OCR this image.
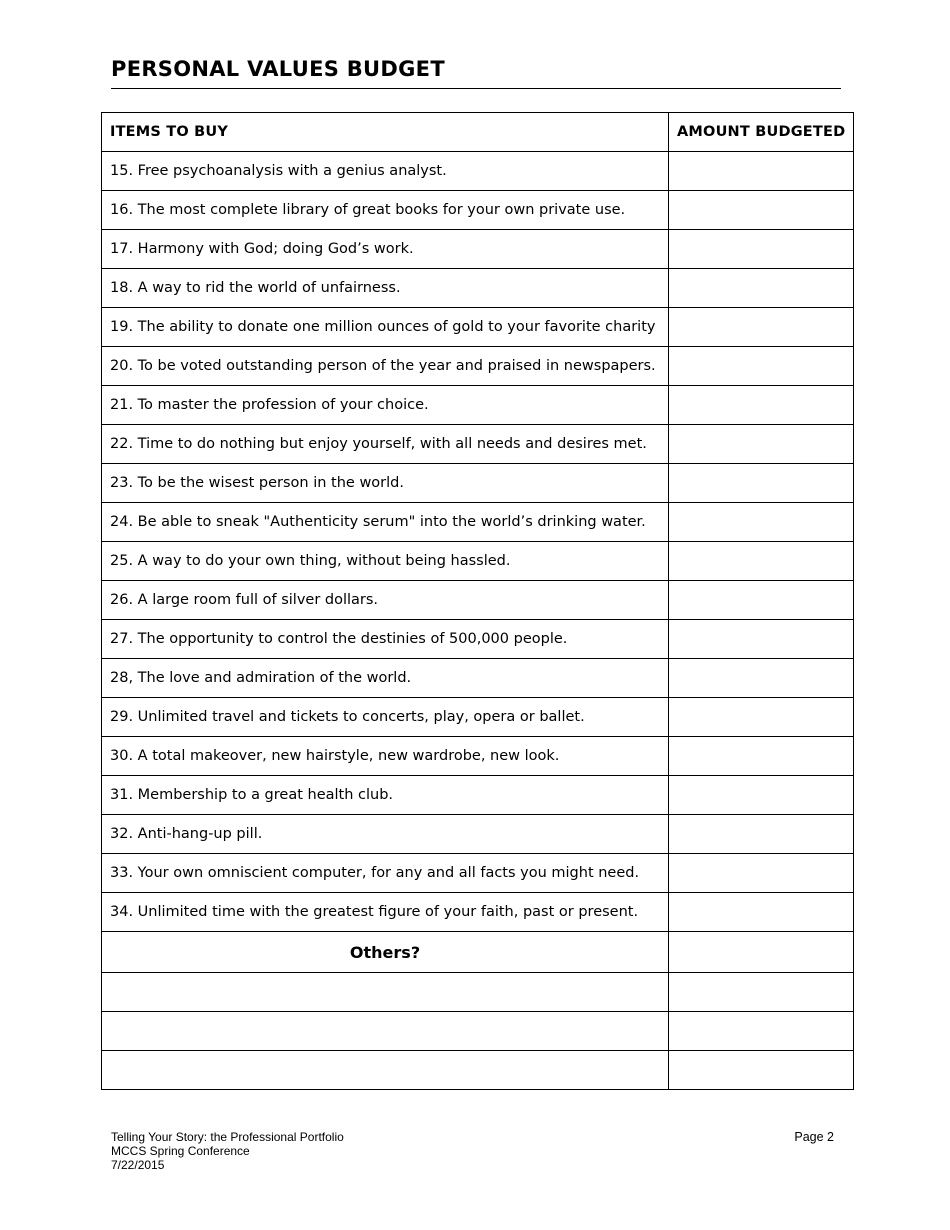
PERSONAL VALUES BUDGET
ITEMS TO BUY	AMOUNT BUDGETED
15. Free psychoanalysis with a genius analyst.	
16. The most complete library of great books for your own private use.	
17. Harmony with God; doing God’s work.	
18. A way to rid the world of unfairness.	
19. The ability to donate one million ounces of gold to your favorite charity	
20. To be voted outstanding person of the year and praised in newspapers.	
21. To master the profession of your choice.	
22. Time to do nothing but enjoy yourself, with all needs and desires met.	
23. To be the wisest person in the world.	
24. Be able to sneak "Authenticity serum" into the world’s drinking water.	
25. A way to do your own thing, without being hassled.	
26. A large room full of silver dollars.	
27. The opportunity to control the destinies of 500,000 people.	
28, The love and admiration of the world.	
29. Unlimited travel and tickets to concerts, play, opera or ballet.	
30. A total makeover, new hairstyle, new wardrobe, new look.	
31. Membership to a great health club.	
32. Anti-hang-up pill.	
33. Your own omniscient computer, for any and all facts you might need.	
34. Unlimited time with the greatest figure of your faith, past or present.	
Others?	

Telling Your Story: the Professional Portfolio
MCCS Spring Conference
7/22/2015
Page 2
